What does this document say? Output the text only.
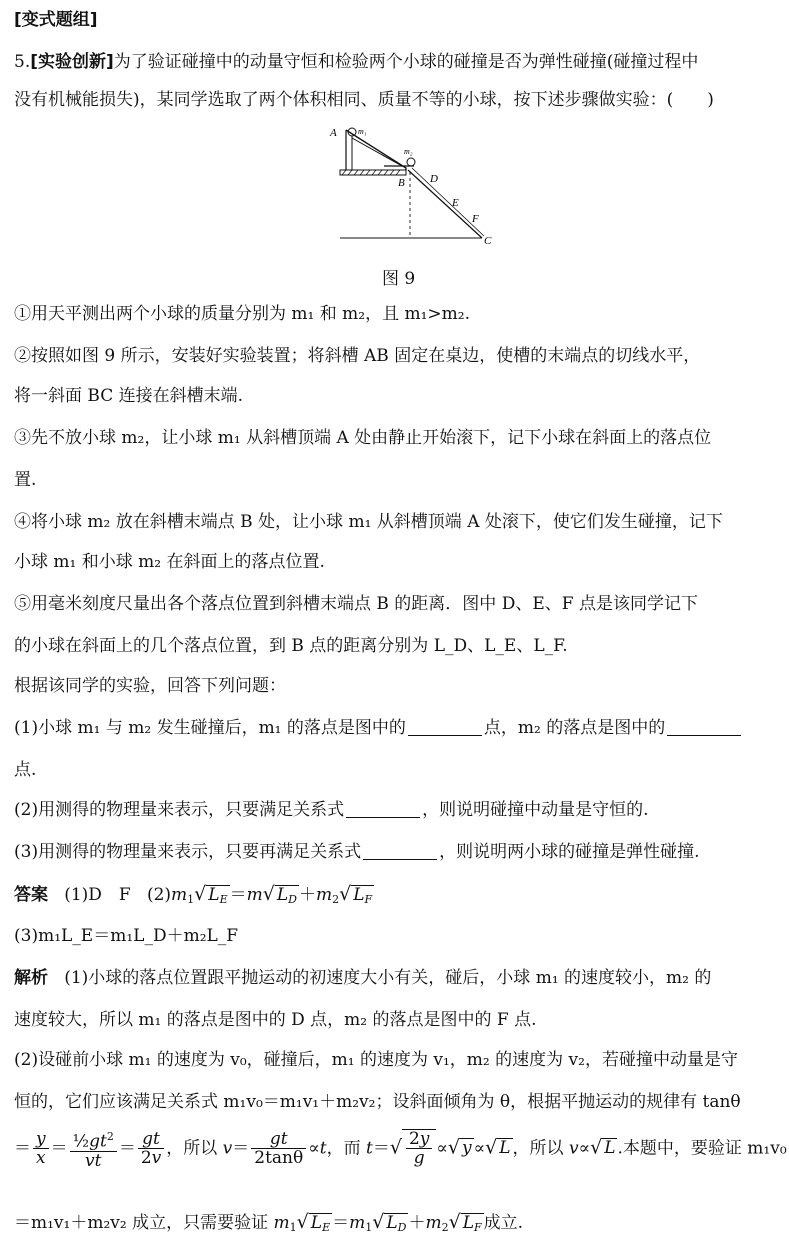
[变式题组]
5.[实验创新]为了验证碰撞中的动量守恒和检验两个小球的碰撞是否为弹性碰撞(碰撞过程中
没有机械能损失)，某同学选取了两个体积相同、质量不等的小球，按下述步骤做实验：(　　)
A	m₁
m₂
B D
E
F
C
图 9
①用天平测出两个小球的质量分别为 m₁ 和 m₂，且 m₁>m₂.
②按照如图 9 所示，安装好实验装置；将斜槽 AB 固定在桌边，使槽的末端点的切线水平，
将一斜面 BC 连接在斜槽末端.
③先不放小球 m₂，让小球 m₁ 从斜槽顶端 A 处由静止开始滚下，记下小球在斜面上的落点位
置.
④将小球 m₂ 放在斜槽末端点 B 处，让小球 m₁ 从斜槽顶端 A 处滚下，使它们发生碰撞，记下
小球 m₁ 和小球 m₂ 在斜面上的落点位置.
⑤用毫米刻度尺量出各个落点位置到斜槽末端点 B 的距离．图中 D、E、F 点是该同学记下
的小球在斜面上的几个落点位置，到 B 点的距离分别为 L_D、L_E、L_F.
根据该同学的实验，回答下列问题：
(1)小球 m₁ 与 m₂ 发生碰撞后，m₁ 的落点是图中的	点，m₂ 的落点是图中的
点.
(2)用测得的物理量来表示，只要满足关系式	，则说明碰撞中动量是守恒的.
(3)用测得的物理量来表示，只要再满足关系式	，则说明两小球的碰撞是弹性碰撞.
答案 (1)D　F $(2)m_1√$ $L_E =m√$ $L_D +m_2√$ $L_F$
(3)m₁L_E＝m₁L_D＋m₂L_F
解析 (1)小球的落点位置跟平抛运动的初速度大小有关，碰后，小球 m₁ 的速度较小，m₂ 的
速度较大，所以 m₁ 的落点是图中的 D 点，m₂ 的落点是图中的 F 点.
(2)设碰前小球 m₁ 的速度为 v₀，碰撞后，m₁ 的速度为 v₁，m₂ 的速度为 v₂，若碰撞中动量是守
恒的，它们应该满足关系式 m₁v₀＝m₁v₁＋m₂v₂；设斜面倾角为 θ，根据平抛运动的规律有 tanθ
＝ $\frac{y}{x} = \frac{\frac{1}{2}gt^2}{vt} = \frac{gt}{2v}$ ，所以 $v= \frac{gt}{2\tan\theta} \propto t$，而 $t=√ \frac{2y}{g}$ ∝√ y ∝√ L ，所以 v∝√ L .本题中，要验证 m₁v₀
＝m₁v₁＋m₂v₂ 成立，只需要验证 $m_1√$ $L_E =m_1√$ $L_D +m_2√$ $L_F$ 成立.
